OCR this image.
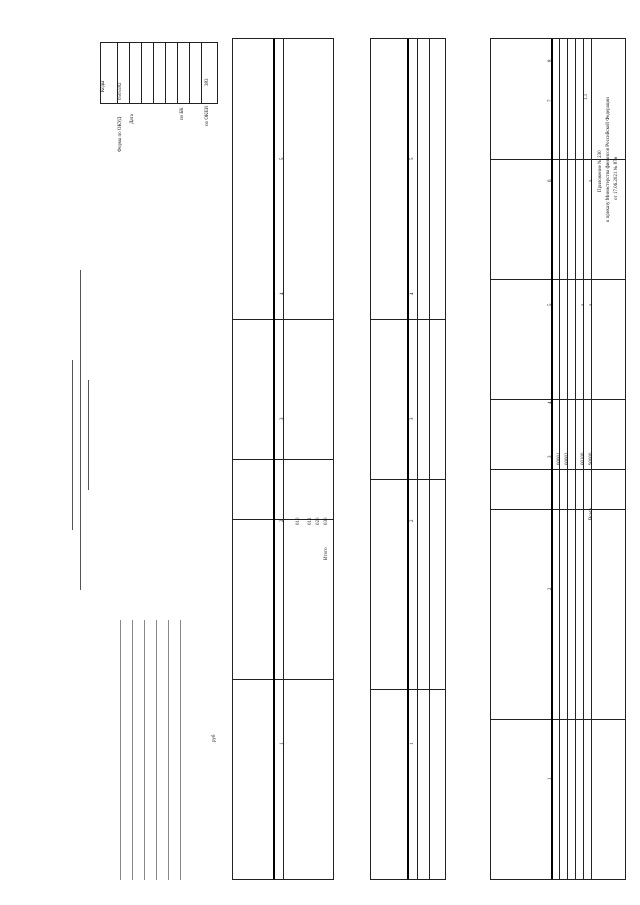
Приложение № 230 к приказу Министерства финансов Российской Федерации от 17.06.2021 № 87н
1.1
Коды 0505582
Форма по ОКУД Дата	по БК	по ОКЕИ
383
руб
1
2
3
4
5
010 011 020 030
Итого
1
2
3
4
5
1
2
3
4
5
6
7
8
00001 00002 00100 90000
Всего
x x
x
